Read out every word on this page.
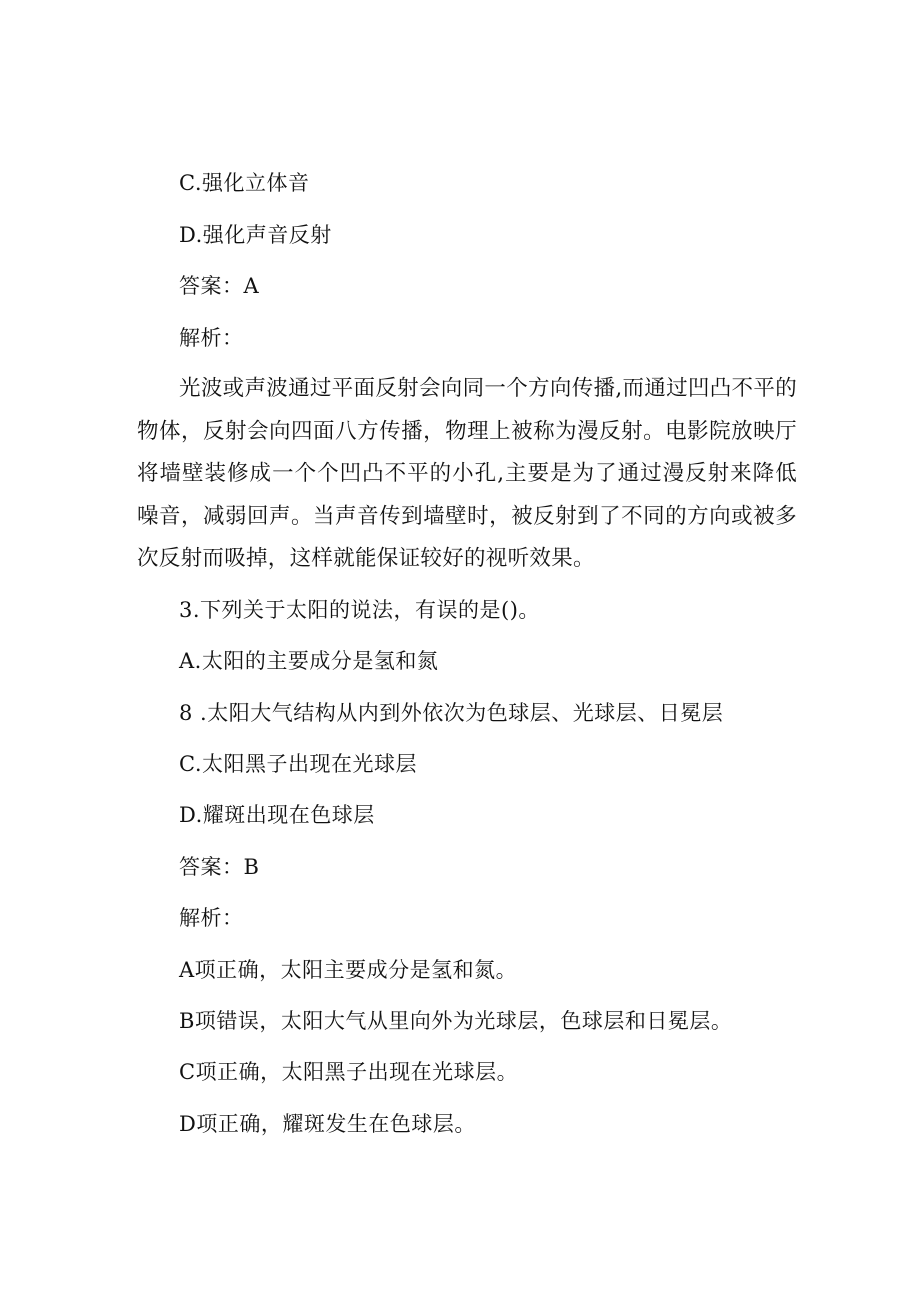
C.强化立体音
D.强化声音反射
答案：A
解析：
光波或声波通过平面反射会向同一个方向传播,而通过凹凸不平的物体，反射会向四面八方传播，物理上被称为漫反射。电影院放映厅将墙壁装修成一个个凹凸不平的小孔,主要是为了通过漫反射来降低噪音，减弱回声。当声音传到墙壁时，被反射到了不同的方向或被多次反射而吸掉，这样就能保证较好的视听效果。
3.下列关于太阳的说法，有误的是()。
A.太阳的主要成分是氢和氮
8 .太阳大气结构从内到外依次为色球层、光球层、日冕层
C.太阳黑子出现在光球层
D.耀斑出现在色球层
答案：B
解析：
A项正确，太阳主要成分是氢和氮。
B项错误，太阳大气从里向外为光球层，色球层和日冕层。
C项正确，太阳黑子出现在光球层。
D项正确，耀斑发生在色球层。
